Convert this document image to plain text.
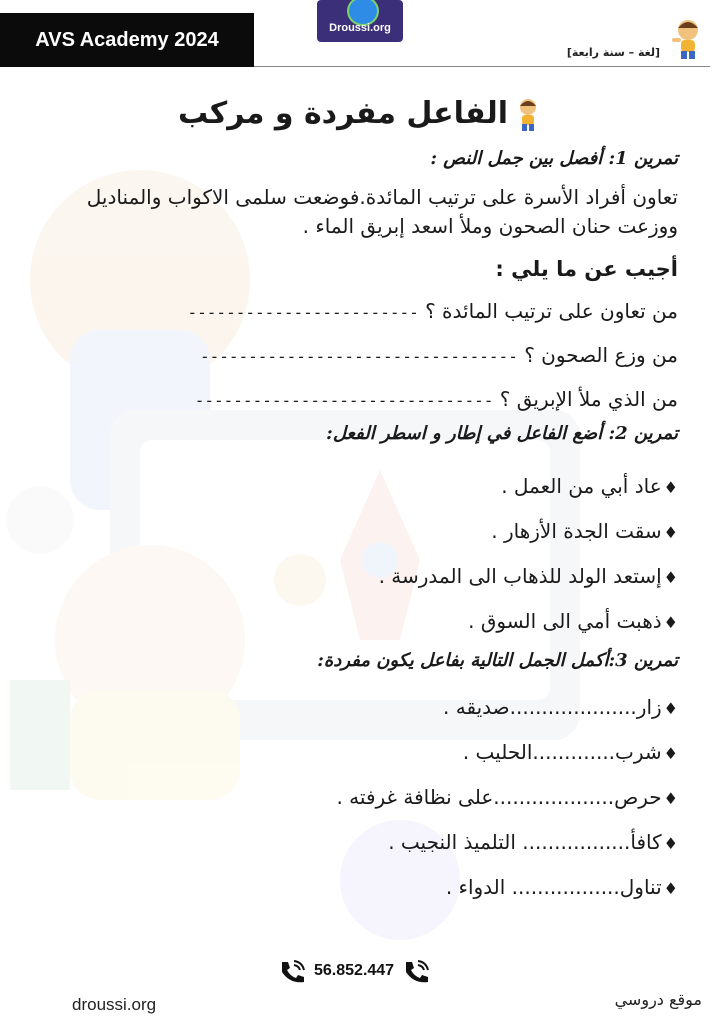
AVS Academy 2024
Droussi.org
[لغة – سنة رابعة]
الفاعل مفردة و مركب

تمرين 1: أفصل بين جمل النص :

تعاون أفراد الأسرة على ترتيب المائدة.فوضعت سلمى الاكواب والمناديل ووزعت حنان الصحون وملأ اسعد إبريق الماء .

أجيب عن ما يلي :

من تعاون على ترتيب المائدة ؟ ------------------------

من وزع الصحون ؟ ---------------------------------

من الذي ملأ الإبريق ؟ -------------------------------

تمرين 2: أضع الفاعل في إطار و اسطر الفعل:

♦عاد أبي من العمل .

♦سقت الجدة الأزهار .

♦إستعد الولد للذهاب الى المدرسة .

♦ذهبت أمي الى السوق .

تمرين 3:أكمل الجمل التالية بفاعل يكون مفردة:

♦زار....................صديقه .

♦شرب.............الحليب .

♦حرص...................على نظافة غرفته .

♦كافأ................. التلميذ النجيب .

♦تناول................. الدواء .

56.852.447
droussi.org	موقع دروسي
